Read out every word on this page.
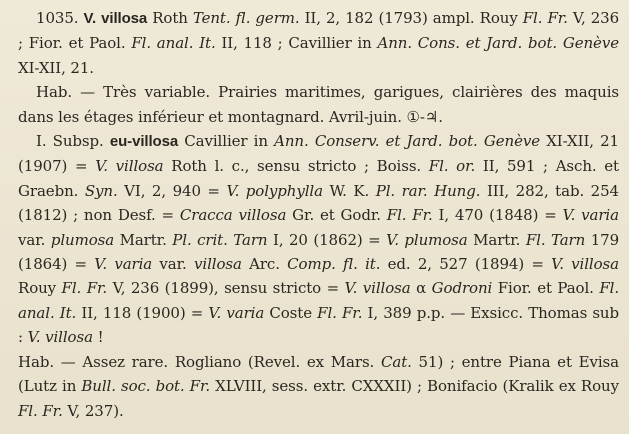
1035. V. villosa Roth Tent. fl. germ. II, 2, 182 (1793) ampl. Rouy Fl. Fr. V, 236 ; Fior. et Paol. Fl. anal. It. II, 118 ; Cavillier in Ann. Cons. et Jard. bot. Genève XI-XII, 21.

Hab. — Très variable. Prairies maritimes, garigues, clairières des maquis dans les étages inférieur et montagnard. Avril-juin. ①-♃.

I. Subsp. eu-villosa Cavillier in Ann. Conserv. et Jard. bot. Genève XI-XII, 21 (1907) = V. villosa Roth l. c., sensu stricto ; Boiss. Fl. or. II, 591 ; Asch. et Graebn. Syn. VI, 2, 940 = V. polyphylla W. K. Pl. rar. Hung. III, 282, tab. 254 (1812) ; non Desf. = Cracca villosa Gr. et Godr. Fl. Fr. I, 470 (1848) = V. varia var. plumosa Martr. Pl. crit. Tarn I, 20 (1862) = V. plumosa Martr. Fl. Tarn 179 (1864) = V. varia var. villosa Arc. Comp. fl. it. ed. 2, 527 (1894) = V. villosa Rouy Fl. Fr. V, 236 (1899), sensu stricto = V. villosa α Godroni Fior. et Paol. Fl. anal. It. II, 118 (1900) = V. varia Coste Fl. Fr. I, 389 p.p. — Exsicc. Thomas sub : V. villosa !

Hab. — Assez rare. Rogliano (Revel. ex Mars. Cat. 51) ; entre Piana et Evisa (Lutz in Bull. soc. bot. Fr. XLVIII, sess. extr. CXXXII) ; Bonifacio (Kralik ex Rouy Fl. Fr. V, 237).
